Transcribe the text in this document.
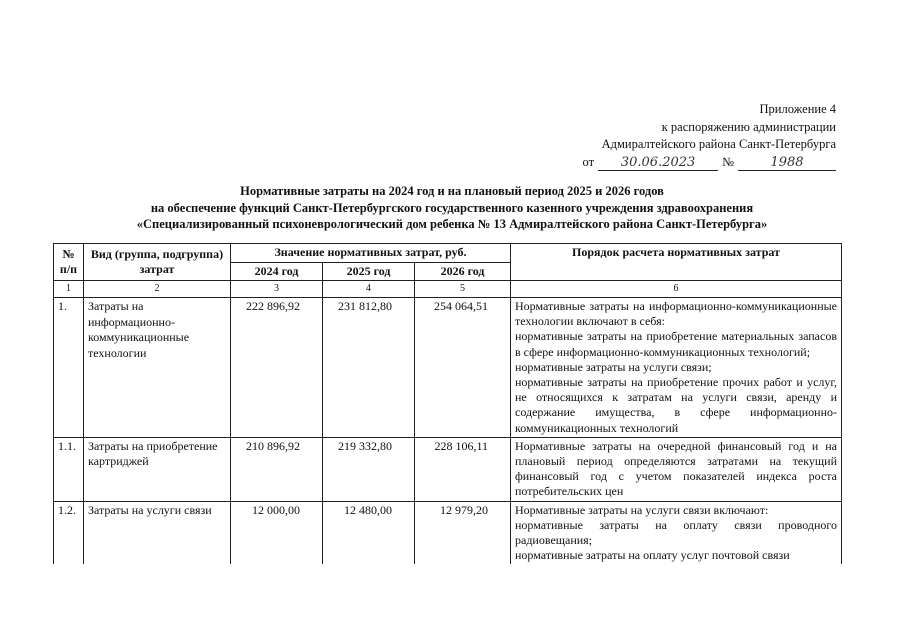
Приложение 4
к распоряжению администрации
Адмиралтейского района Санкт-Петербурга
от	30.06.2023	№	1988
Нормативные затраты на 2024 год и на плановый период 2025 и 2026 годов
на обеспечение функций Санкт-Петербургского государственного казенного учреждения здравоохранения
«Специализированный психоневрологический дом ребенка № 13 Адмиралтейского района Санкт-Петербурга»
№ п/п	Вид (группа, подгруппа) затрат	Значение нормативных затрат, руб.			Порядок расчета нормативных затрат
		2024 год	2025 год	2026 год	
1	2	3	4	5	6
1.	Затраты на информационно-коммуникационные технологии	222 896,92	231 812,80	254 064,51	Нормативные затраты на информационно-коммуникационные технологии включают в себя:
нормативные затраты на приобретение материальных запасов в сфере информационно-коммуникационных технологий;
нормативные затраты на услуги связи;
нормативные затраты на приобретение прочих работ и услуг, не относящихся к затратам на услуги связи, аренду и содержание имущества, в сфере информационно-коммуникационных технологий

1.1.	Затраты на приобретение картриджей	210 896,92	219 332,80	228 106,11	Нормативные затраты на очередной финансовый год и на плановый период определяются затратами на текущий финансовый год с учетом показателей индекса роста потребительских цен

1.2.	Затраты на услуги связи	12 000,00	12 480,00	12 979,20	Нормативные затраты на услуги связи включают:
нормативные затраты на оплату связи проводного радиовещания;
нормативные затраты на оплату услуг почтовой связи
